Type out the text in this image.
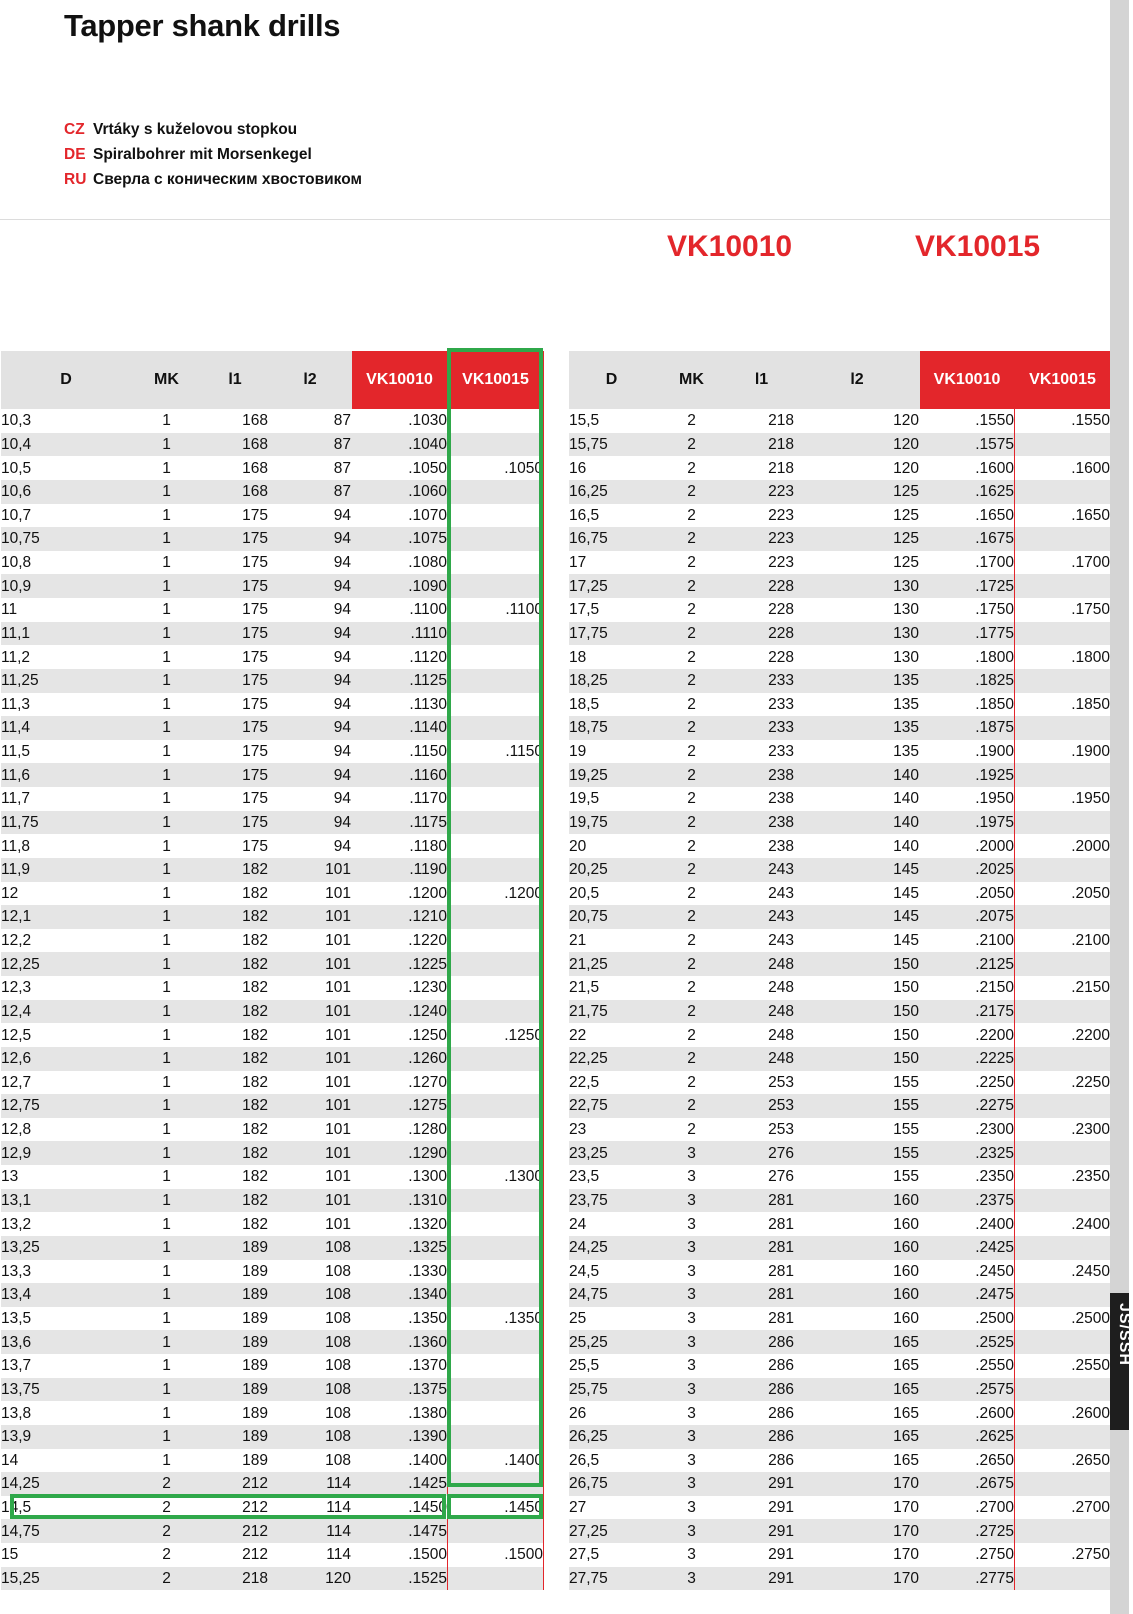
Tapper shank drills
CZ Vrtáky s kuželovou stopkou
DE Spiralbohrer mit Morsenkegel
RU Сверла с коническим хвостовиком
VK10010	VK10015
D	MK	l1	l2	VK10010	VK10015
10,3	1	168	87	.1030	
10,4	1	168	87	.1040	
10,5	1	168	87	.1050	.1050
10,6	1	168	87	.1060	
10,7	1	175	94	.1070	
10,75	1	175	94	.1075	
10,8	1	175	94	.1080	
10,9	1	175	94	.1090	
11	1	175	94	.1100	.1100
11,1	1	175	94	.1110	
11,2	1	175	94	.1120	
11,25	1	175	94	.1125	
11,3	1	175	94	.1130	
11,4	1	175	94	.1140	
11,5	1	175	94	.1150	.1150
11,6	1	175	94	.1160	
11,7	1	175	94	.1170	
11,75	1	175	94	.1175	
11,8	1	175	94	.1180	
11,9	1	182	101	.1190	
12	1	182	101	.1200	.1200
12,1	1	182	101	.1210	
12,2	1	182	101	.1220	
12,25	1	182	101	.1225	
12,3	1	182	101	.1230	
12,4	1	182	101	.1240	
12,5	1	182	101	.1250	.1250
12,6	1	182	101	.1260	
12,7	1	182	101	.1270	
12,75	1	182	101	.1275	
12,8	1	182	101	.1280	
12,9	1	182	101	.1290	
13	1	182	101	.1300	.1300
13,1	1	182	101	.1310	
13,2	1	182	101	.1320	
13,25	1	189	108	.1325	
13,3	1	189	108	.1330	
13,4	1	189	108	.1340	
13,5	1	189	108	.1350	.1350
13,6	1	189	108	.1360	
13,7	1	189	108	.1370	
13,75	1	189	108	.1375	
13,8	1	189	108	.1380	
13,9	1	189	108	.1390	
14	1	189	108	.1400	.1400
14,25	2	212	114	.1425	
14,5	2	212	114	.1450	.1450
14,75	2	212	114	.1475	
15	2	212	114	.1500	.1500
15,25	2	218	120	.1525	
D	MK	l1	l2	VK10010	VK10015
15,5	2	218	120	.1550	.1550
15,75	2	218	120	.1575	
16	2	218	120	.1600	.1600
16,25	2	223	125	.1625	
16,5	2	223	125	.1650	.1650
16,75	2	223	125	.1675	
17	2	223	125	.1700	.1700
17,25	2	228	130	.1725	
17,5	2	228	130	.1750	.1750
17,75	2	228	130	.1775	
18	2	228	130	.1800	.1800
18,25	2	233	135	.1825	
18,5	2	233	135	.1850	.1850
18,75	2	233	135	.1875	
19	2	233	135	.1900	.1900
19,25	2	238	140	.1925	
19,5	2	238	140	.1950	.1950
19,75	2	238	140	.1975	
20	2	238	140	.2000	.2000
20,25	2	243	145	.2025	
20,5	2	243	145	.2050	.2050
20,75	2	243	145	.2075	
21	2	243	145	.2100	.2100
21,25	2	248	150	.2125	
21,5	2	248	150	.2150	.2150
21,75	2	248	150	.2175	
22	2	248	150	.2200	.2200
22,25	2	248	150	.2225	
22,5	2	253	155	.2250	.2250
22,75	2	253	155	.2275	
23	2	253	155	.2300	.2300
23,25	3	276	155	.2325	
23,5	3	276	155	.2350	.2350
23,75	3	281	160	.2375	
24	3	281	160	.2400	.2400
24,25	3	281	160	.2425	
24,5	3	281	160	.2450	.2450
24,75	3	281	160	.2475	
25	3	281	160	.2500	.2500
25,25	3	286	165	.2525	
25,5	3	286	165	.2550	.2550
25,75	3	286	165	.2575	
26	3	286	165	.2600	.2600
26,25	3	286	165	.2625	
26,5	3	286	165	.2650	.2650
26,75	3	291	170	.2675	
27	3	291	170	.2700	.2700
27,25	3	291	170	.2725	
27,5	3	291	170	.2750	.2750
27,75	3	291	170	.2775	
JS/SSH
